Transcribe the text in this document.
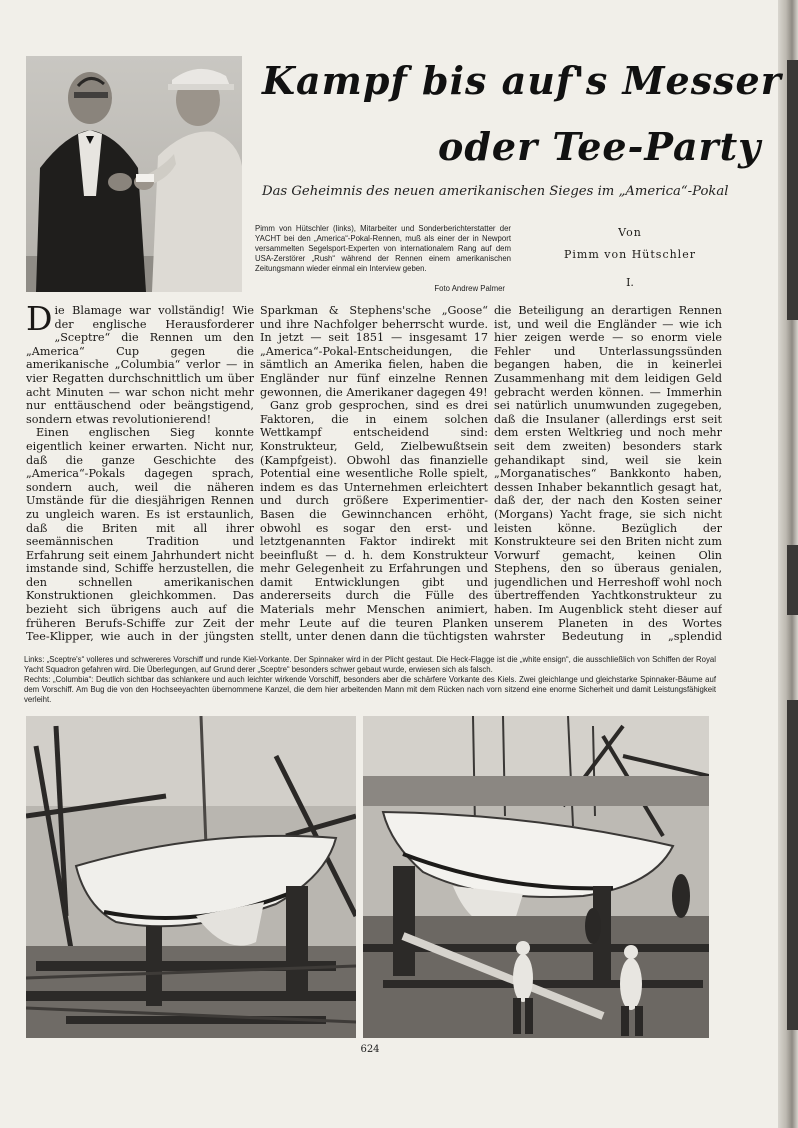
Kampf bis auf's Messer
oder Tee-Party
Das Geheimnis des neuen amerikanischen Sieges im „America“-Pokal
Pimm von Hütschler (links), Mitarbeiter und Sonderberichterstatter der YACHT bei den „America“-Pokal-Rennen, muß als einer der in Newport versammelten Segelsport-Experten von internationalem Rang auf dem USA-Zerstörer „Rush“ während der Rennen einem amerikanischen Zeitungsmann wieder einmal ein Interview geben.
Foto Andrew Palmer
Von
Pimm von Hütschler
I.

Die Blamage war vollständig! Wie der englische Herausforderer „Sceptre“ die Rennen um den „America“ Cup gegen die amerikanische „Columbia“ verlor — in vier Regatten durchschnittlich um über acht Minuten — war schon nicht mehr nur enttäuschend oder beängstigend, sondern etwas revolutionierend!

Einen englischen Sieg konnte eigentlich keiner erwarten. Nicht nur, daß die ganze Geschichte des „America“-Pokals dagegen sprach, sondern auch, weil die näheren Umstände für die diesjährigen Rennen zu ungleich waren. Es ist erstaunlich, daß die Briten mit all ihrer seemännischen Tradition und Erfahrung seit einem Jahrhundert nicht imstande sind, Schiffe herzustellen, die den schnellen amerikanischen Konstruktionen gleichkommen. Das bezieht sich übrigens auch auf die früheren Berufs-Schiffe zur Zeit der Tee-Klipper, wie auch in der jüngsten

Sparkman & Stephens'sche „Goose“ und ihre Nachfolger beherrscht wurde. In jetzt — seit 1851 — insgesamt 17 „America“-Pokal-Entscheidungen, die sämtlich an Amerika fielen, haben die Engländer nur fünf einzelne Rennen gewonnen, die Amerikaner dagegen 49!

Ganz grob gesprochen, sind es drei Faktoren, die in einem solchen Wettkampf entscheidend sind: Konstrukteur, Geld, Zielbewußtsein (Kampfgeist). Obwohl das finanzielle Potential eine wesentliche Rolle spielt, indem es das Unternehmen erleichtert und durch größere Experimentier-Basen die Gewinnchancen erhöht, obwohl es sogar den erst- und letztgenannten Faktor indirekt mit beeinflußt — d. h. dem Konstrukteur mehr Gelegenheit zu Erfahrungen und damit Entwicklungen gibt und andererseits durch die Fülle des Materials mehr Menschen animiert, mehr Leute auf die teuren Planken stellt, unter denen dann die tüchtigsten

die Beteiligung an derartigen Rennen ist, und weil die Engländer — wie ich hier zeigen werde — so enorm viele Fehler und Unterlassungssünden begangen haben, die in keinerlei Zusammenhang mit dem leidigen Geld gebracht werden können. — Immerhin sei natürlich unumwunden zugegeben, daß die Insulaner (allerdings erst seit dem ersten Weltkrieg und noch mehr seit dem zweiten) besonders stark gehandikapt sind, weil sie kein „Morganatisches“ Bankkonto haben, dessen Inhaber bekanntlich gesagt hat, daß der, der nach den Kosten seiner (Morgans) Yacht frage, sie sich nicht leisten könne. Bezüglich der Konstrukteure sei den Briten nicht zum Vorwurf gemacht, keinen Olin Stephens, den so überaus genialen, jugendlichen und Herreshoff wohl noch übertreffenden Yachtkonstrukteur zu haben. Im Augenblick steht dieser auf unserem Planeten in des Wortes wahrster Bedeutung in „splendid

Links: „Sceptre's“ volleres und schwereres Vorschiff und runde Kiel-Vorkante. Der Spinnaker wird in der Plicht gestaut. Die Heck-Flagge ist die „white ensign“, die ausschließlich von Schiffen der Royal Yacht Squadron gefahren wird. Die Überlegungen, auf Grund derer „Sceptre“ besonders schwer gebaut wurde, erwiesen sich als falsch.

Rechts: „Columbia“: Deutlich sichtbar das schlankere und auch leichter wirkende Vorschiff, besonders aber die schärfere Vorkante des Kiels. Zwei gleichlange und gleichstarke Spinnaker-Bäume auf dem Vorschiff. Am Bug die von den Hochseeyachten übernommene Kanzel, die dem hier arbeitenden Mann mit dem Rücken nach vorn sitzend eine enorme Sicherheit und damit Leistungsfähigkeit verleiht.

624
